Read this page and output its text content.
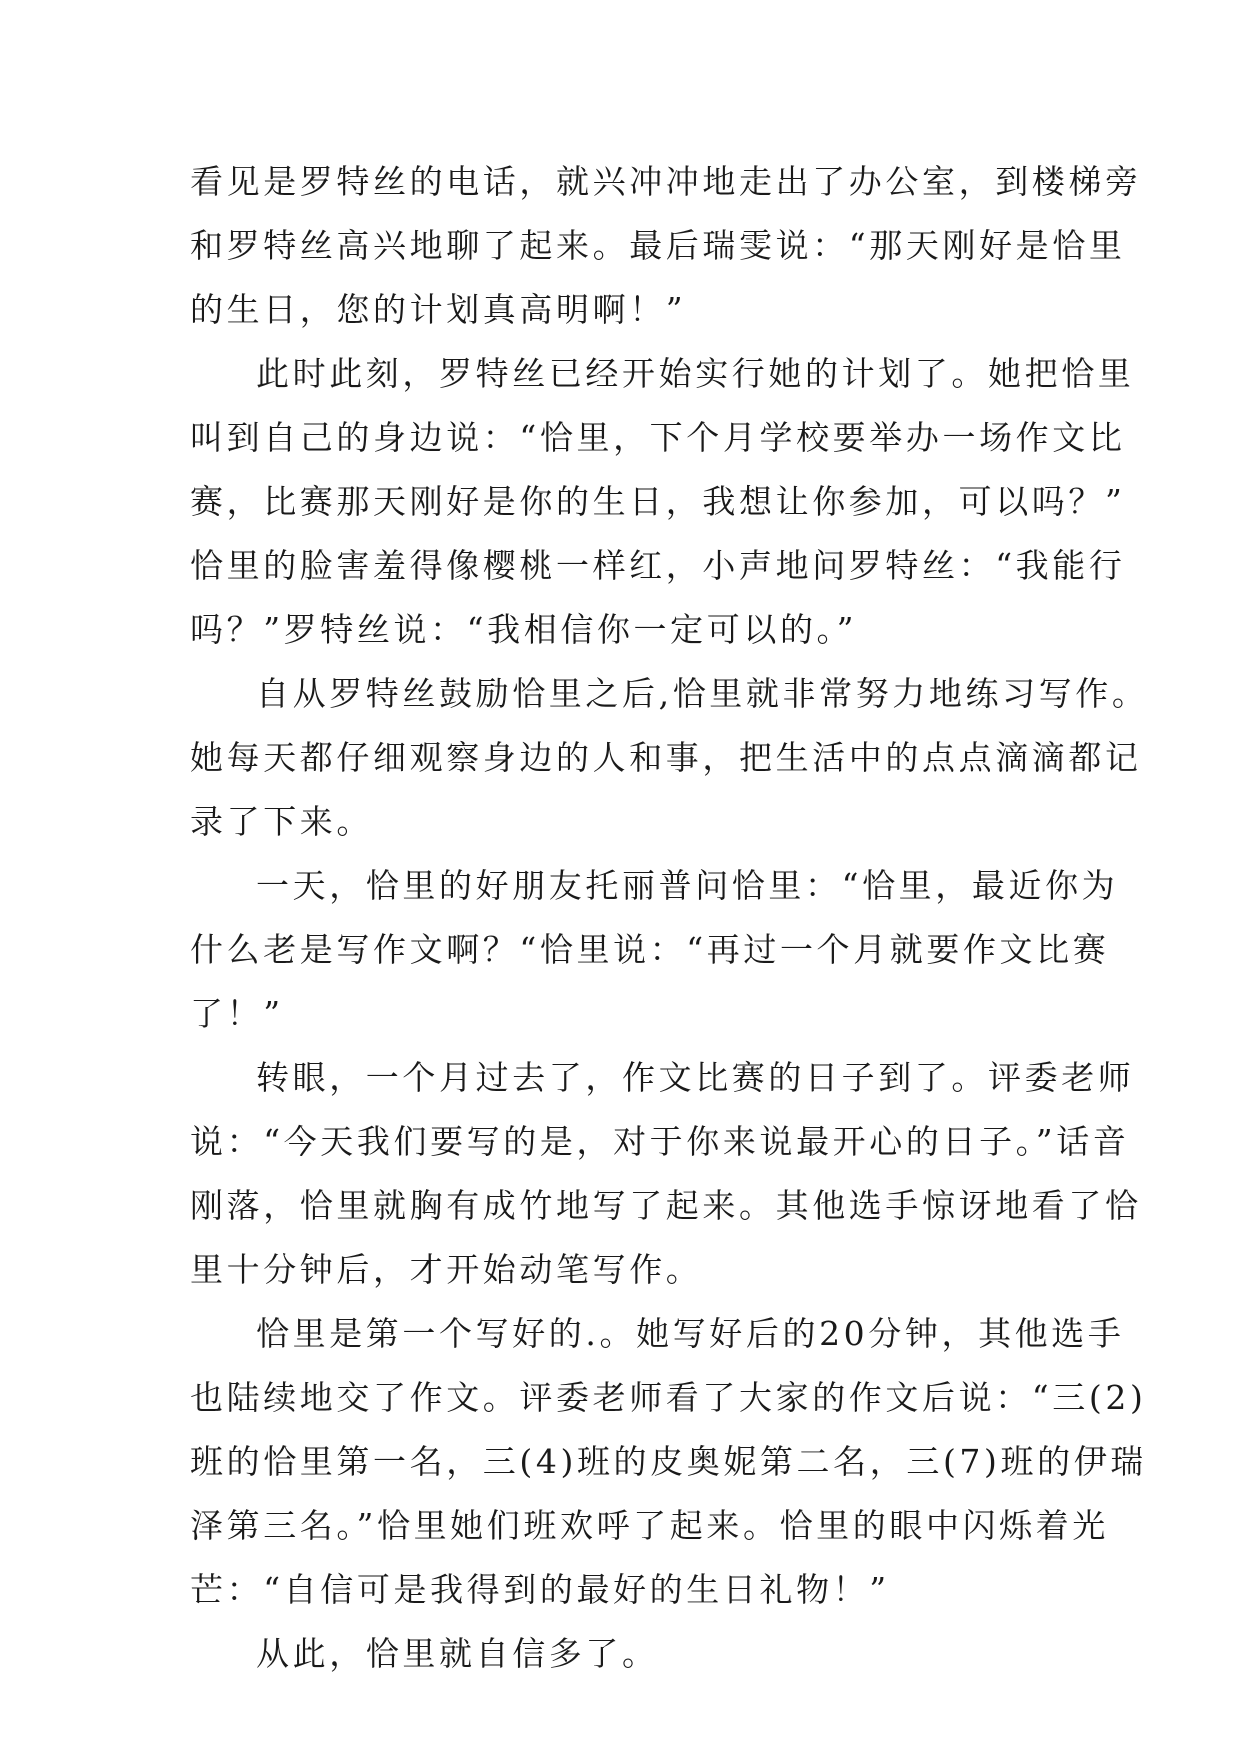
看见是罗特丝的电话，就兴冲冲地走出了办公室，到楼梯旁
和罗特丝高兴地聊了起来。最后瑞雯说：“那天刚好是恰里
的生日，您的计划真高明啊！”
此时此刻，罗特丝已经开始实行她的计划了。她把恰里
叫到自己的身边说：“恰里，下个月学校要举办一场作文比
赛，比赛那天刚好是你的生日，我想让你参加，可以吗？”
恰里的脸害羞得像樱桃一样红，小声地问罗特丝：“我能行
吗？”罗特丝说：“我相信你一定可以的。”
自从罗特丝鼓励恰里之后,恰里就非常努力地练习写作。
她每天都仔细观察身边的人和事，把生活中的点点滴滴都记
录了下来。
一天，恰里的好朋友托丽普问恰里：“恰里，最近你为
什么老是写作文啊？“恰里说：“再过一个月就要作文比赛
了！”
转眼，一个月过去了，作文比赛的日子到了。评委老师
说：“今天我们要写的是，对于你来说最开心的日子。”话音
刚落，恰里就胸有成竹地写了起来。其他选手惊讶地看了恰
里十分钟后，才开始动笔写作。
恰里是第一个写好的.。她写好后的20分钟，其他选手
也陆续地交了作文。评委老师看了大家的作文后说：“三(2)
班的恰里第一名，三(4)班的皮奥妮第二名，三(7)班的伊瑞
泽第三名。”恰里她们班欢呼了起来。恰里的眼中闪烁着光
芒：“自信可是我得到的最好的生日礼物！”
从此，恰里就自信多了。
